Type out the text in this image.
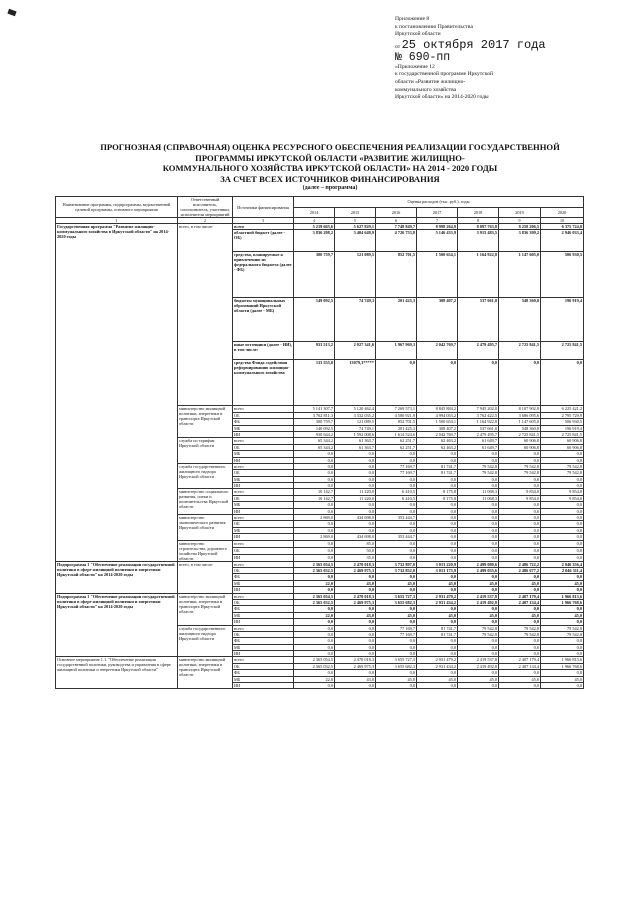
Приложение 8
к постановлению Правительства
Иркутской области
от 25 октября 2017 года
№ 690-пп
«Приложение 12
к государственной программе Иркутской
области «Развитие жилищно-
коммунального хозяйства
Иркутской области» на 2014-2020 годы
ПРОГНОЗНАЯ (СПРАВОЧНАЯ) ОЦЕНКА РЕСУРСНОГО ОБЕСПЕЧЕНИЯ РЕАЛИЗАЦИИ ГОСУДАРСТВЕННОЙ
ПРОГРАММЫ ИРКУТСКОЙ ОБЛАСТИ «РАЗВИТИЕ ЖИЛИЩНО-
КОММУНАЛЬНОГО ХОЗЯЙСТВА ИРКУТСКОЙ ОБЛАСТИ» НА 2014 - 2020 ГОДЫ
ЗА СЧЕТ ВСЕХ ИСТОЧНИКОВ ФИНАНСИРОВАНИЯ
(далее – программа)
Наименование программы, подпрограммы, ведомственной целевой программы, основного мероприятия	Ответственный исполнитель, соисполнитель, участники, исполнители мероприятий	Источники финансирования	Оценка расходов (тыс. руб.), годы						
			2014	2015	2016	2017	2018	2019	2020
1	2	3	4	5	6	7	8	9	10
Государственная программа "Развитие жилищно-коммунального хозяйства в Иркутской области" на 2014-2020 годы	всего, в том числе:	всего	5 219 663,6	5 627 829,1	7 748 849,7	8 998 264,9	8 097 763,8	8 258 206,5	6 375 724,8
		областной бюджет (далее - ОБ)	3 836 298,2	3 404 648,9	4 726 753,8	5 146 433,9	3 915 483,5	3 836 399,2	2 946 033,4
		средства, планируемые к привлечению из федерального бюджета (далее - ФБ)	300 759,7	121 089,5	852 701,5	1 500 654,1	1 164 922,8	1 147 605,0	506 930,5
		бюджеты муниципальных образований Иркутской области (далее - МБ)	149 092,5	74 749,3	201 425,3	308 407,2	537 661,0	548 360,8	196 919,4
		иные источники (далее - ИИ), в том числе:	933 513,2	2 027 341,6	1 967 969,3	2 042 769,7	2 479 495,7	2 725 841,5	2 725 841,5
		средства Фонда содействия реформированию жилищно-коммунального хозяйства	133 555,0	13079,3*****	0,0	0,0	0,0	0,0	0,0
	министерство жилищной политики, энергетики и транспорта Иркутской области	всего	5 141 307,7	5 120 462,4	7 269 573,1	8 845 884,2	7 945 202,0	8 107 902,9	6 225 421,2
		ОБ	3 762 811,3	3 332 035,2	4 580 921,9	4 994 053,2	3 762 422,5	3 686 095,6	2 795 729,9
		ФБ	300 759,7	121 089,5	852 701,5	1 500 654,1	1 164 922,8	1 147 605,0	506 930,5
		МБ	140 092,5	74 749,1	201 425,3	308 407,2	537 661,0	548 360,8	196 919,4
		ИИ	930 644,2	1 592 008,6	1 614 524,6	2 042 769,7	2 479 495,7	2 725 841,5	2 725 841,5
	служба по тарифам Иркутской области	всего	65 344,2	61 363,7	62 251,7	62 463,2	61 649,7	60 906,8	60 906,8
		ОБ	65 344,2	61 363,7	62 251,7	62 463,2	61 649,7	60 906,8	60 906,8
		МБ	0,0	0,0	0,0	0,0	0,0	0,0	0,0
		ИИ	0,0	0,0	0,0	0,0	0,0	0,0	0,0
	служба государственного жилищного надзора Иркутской области	всего	0,0	0,0	77 169,7	81 741,7	79 542,8	79 542,8	79 542,8
		ОБ	0,0	0,0	77 169,7	81 741,7	79 542,8	79 542,8	79 542,8
		МБ	0,0	0,0	0,0	0,0	0,0	0,0	0,0
		ИИ	0,0	0,0	0,0	0,0	0,0	0,0	0,0
	министерство социального развития, опеки и попечительства Иркутской области	всего	10 142,7	11 220,0	6 410,5	8 175,8	11 068,3	9 854,0	9 854,0
		ОБ	10 142,7	11 220,0	6 410,5	8 175,8	11 068,3	9 854,0	9 854,0
		МБ	0,0	0,0	0,0	0,0	0,0	0,0	0,0
		ИИ	0,0	0,0	0,0	0,0	0,0	0,0	0,0
	министерство экономического развития Иркутской области	всего	2 869,0	434 698,0	353 444,7	0,0	0,0	0,0	0,0
		ОБ	0,0	0,0	0,0	0,0	0,0	0,0	0,0
		МБ	0,0	0,0	0,0	0,0	0,0	0,0	0,0
		ИИ	2 869,0	434 698,0	353 444,7	0,0	0,0	0,0	0,0
	министерство строительства, дорожного хозяйства Иркутской области	всего	0,0	85,0	0,0	0,0	0,0	0,0	0,0
		ОБ	0,0	50,0	0,0	0,0	0,0	0,0	0,0
		ИИ	0,0	35,0	0,0	0,0	0,0	0,0	0,0
Подпрограмма 1 "Обеспечение реализации государственной политики в сфере жилищной политики и энергетики Иркутской области" на 2014-2020 годы	всего, в том числе:	всего	2 365 054,5	2 470 018,3	3 732 897,0	3 013 220,9	2 499 080,6	2 486 722,2	2 046 356,4
		ОБ	2 365 032,5	2 469 975,3	3 732 852,0	3 013 175,9	2 499 035,6	2 486 677,2	2 046 311,4
		ФБ	0,0	0,0	0,0	0,0	0,0	0,0	0,0
		МБ	22,0	43,0	45,0	45,0	45,0	45,0	45,0
		ИИ	0,0	0,0	0,0	0,0	0,0	0,0	0,0
Подпрограмма 1 "Обеспечение реализации государственной политики в сфере жилищной политики и энергетики Иркутской области" на 2014-2020 годы	министерство жилищной политики, энергетики и транспорта Иркутской области	всего	2 365 054,5	2 470 018,3	3 655 727,3	2 931 479,2	2 419 537,8	2 407 179,4	1 966 813,6
		ОБ	2 365 032,5	2 469 975,3	3 655 682,3	2 931 434,2	2 419 492,8	2 407 134,4	1 966 768,6
		ФБ	0,0	0,0	0,0	0,0	0,0	0,0	0,0
		МБ	22,0	43,0	45,0	45,0	45,0	45,0	45,0
		ИИ	0,0	0,0	0,0	0,0	0,0	0,0	0,0
	служба государственного жилищного надзора Иркутской области	всего	0,0	0,0	77 169,7	81 741,7	79 542,8	79 542,8	79 542,8
		ОБ	0,0	0,0	77 169,7	81 741,7	79 542,8	79 542,8	79 542,8
		ФБ	0,0	0,0	0,0	0,0	0,0	0,0	0,0
		МБ	0,0	0,0	0,0	0,0	0,0	0,0	0,0
		ИИ	0,0	0,0	0,0	0,0	0,0	0,0	0,0
Основное мероприятие 1.1. "Обеспечение реализации государственной политики, руководства и управления в сфере жилищной политики и энергетики Иркутской области"	министерство жилищной политики, энергетики и транспорта Иркутской области	всего	2 365 054,5	2 470 018,3	3 655 727,3	2 931 479,2	2 419 537,8	2 407 179,4	1 966 813,6
		ОБ	2 365 032,5	2 469 975,3	3 655 682,3	2 931 434,2	2 419 492,8	2 407 134,4	1 966 768,6
		ФБ	0,0	0,0	0,0	0,0	0,0	0,0	0,0
		МБ	22,0	43,0	45,0	45,0	45,0	45,0	45,0
		ИИ	0,0	0,0	0,0	0,0	0,0	0,0	0,0
